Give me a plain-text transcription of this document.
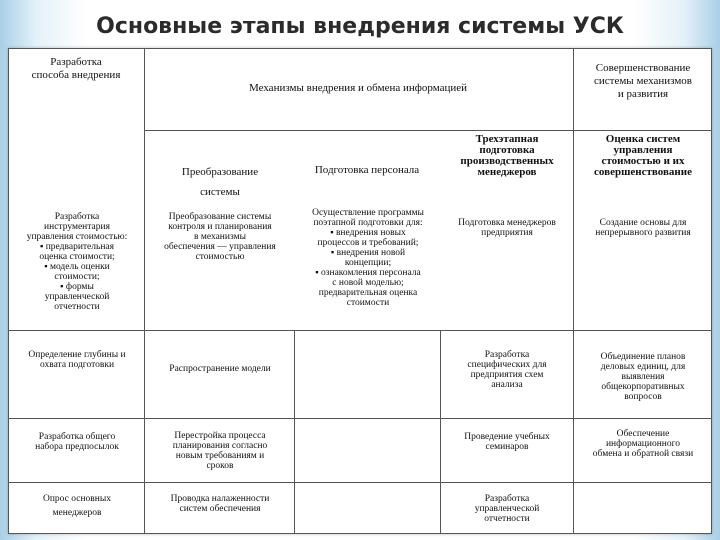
Основные этапы внедрения системы УСК
Разработка
способа внедрения
Механизмы внедрения и обмена информацией
Совершенствование
системы механизмов
и развития
Преобразование
системы
Подготовка персонала
Трехэтапная
подготовка
производственных
менеджеров
Оценка систем
управления
стоимостью и их
совершенствование
Разработка
инструментария
управления стоимостью:
▪ предварительная
оценка стоимости;
▪ модель оценки
стоимости;
▪ формы
управленческой
отчетности
Преобразование системы
контроля и планирования
в механизмы
обеспечения — управления
стоимостью
Осуществление программы
поэтапной подготовки для:
▪ внедрения новых
процессов и требований;
▪ внедрения новой
концепции;
▪ ознакомления персонала
с новой моделью;
предварительная оценка
стоимости
Подготовка менеджеров
предприятия
Создание основы для
непрерывного развития
Определение глубины и
охвата подготовки	Распространение модели
Разработка
специфических для
предприятия схем
анализа
Объединение планов
деловых единиц, для
выявления
общекорпоративных
вопросов
Разработка общего
набора предпосылок
Перестройка процесса
планирования согласно
новым требованиям и
сроков
Проведение учебных
семинаров
Обеспечение
информационного
обмена и обратной связи
Опрос основных
менеджеров
Проводка налаженности
систем обеспечения
Разработка
управленческой
отчетности
